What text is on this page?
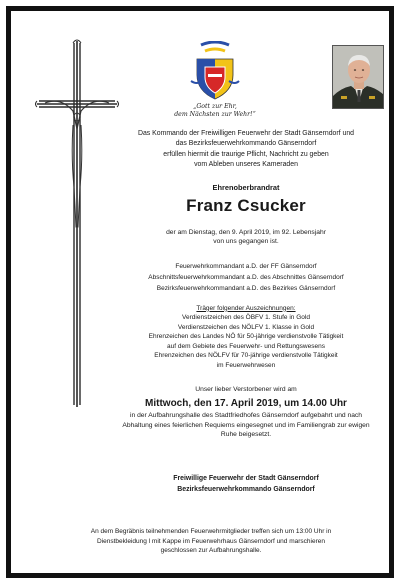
„Gott zur Ehr,
dem Nächsten zur Wehr!“
Das Kommando der Freiwilligen Feuerwehr der Stadt Gänserndorf und
das Bezirksfeuerwehrkommando Gänserndorf
erfüllen hiermit die traurige Pflicht, Nachricht zu geben
vom Ableben unseres Kameraden
Ehrenoberbrandrat
Franz Csucker
der am Dienstag, den 9. April 2019, im 92. Lebensjahr
von uns gegangen ist.
Feuerwehrkommandant a.D. der FF Gänserndorf
Abschnittsfeuerwehrkommandant a.D. des Abschnittes Gänserndorf
Bezirksfeuerwehrkommandant a.D. des Bezirkes Gänserndorf
Träger folgender Auszeichnungen:
Verdienstzeichen des ÖBFV 1. Stufe in Gold
Verdienstzeichen des NÖLFV 1. Klasse in Gold
Ehrenzeichen des Landes NÖ für 50-jährige verdienstvolle Tätigkeit
auf dem Gebiete des Feuerwehr- und Rettungswesens
Ehrenzeichen des NÖLFV für 70-jährige verdienstvolle Tätigkeit
im Feuerwehrwesen
Unser lieber Verstorbener wird am
Mittwoch, den 17. April 2019, um 14.00 Uhr
in der Aufbahrungshalle des Stadtfriedhofes Gänserndorf aufgebahrt und nach
Abhaltung eines feierlichen Requiems eingesegnet und im Familiengrab zur ewigen
Ruhe beigesetzt.
Freiwillige Feuerwehr der Stadt Gänserndorf
Bezirksfeuerwehrkommando Gänserndorf
An dem Begräbnis teilnehmenden Feuerwehrmitglieder treffen sich um 13:00 Uhr in
Dienstbekleidung l mit Kappe im Feuerwehrhaus Gänserndorf und marschieren
geschlossen zur Aufbahrungshalle.
